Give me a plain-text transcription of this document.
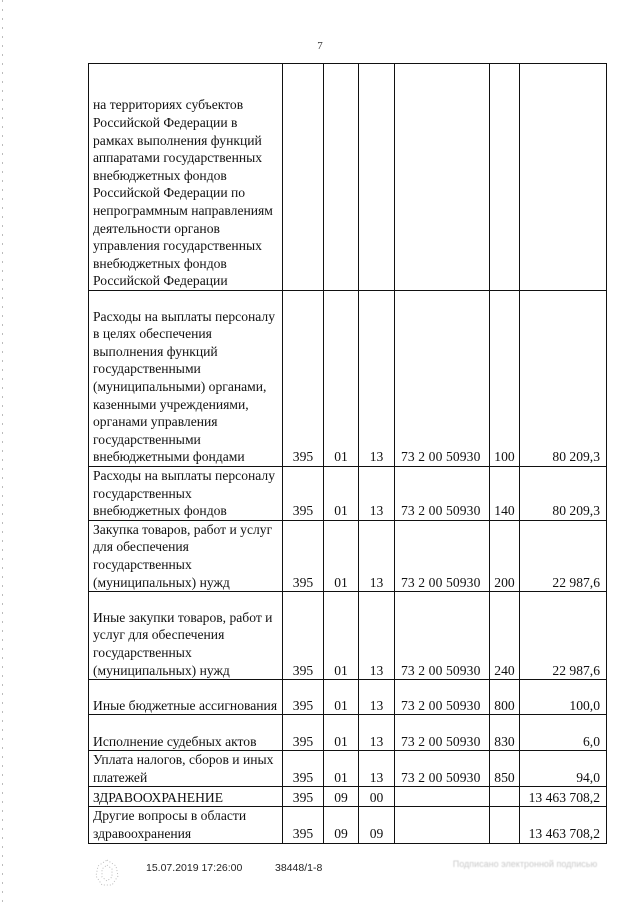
7
на территориях субъектов Российской Федерации в рамках выполнения функций аппаратами государственных внебюджетных фондов Российской Федерации по непрограммным направлениям деятельности органов управления государственных внебюджетных фондов Российской Федерации						
Расходы на выплаты персоналу в целях обеспечения выполнения функций государственными (муниципальными) органами, казенными учреждениями, органами управления государственными внебюджетными фондами	395	01	13	73 2 00 50930	100	80 209,3
Расходы на выплаты персоналу государственных внебюджетных фондов	395	01	13	73 2 00 50930	140	80 209,3
Закупка товаров, работ и услуг для обеспечения государственных (муниципальных) нужд	395	01	13	73 2 00 50930	200	22 987,6
Иные закупки товаров, работ и услуг для обеспечения государственных (муниципальных) нужд	395	01	13	73 2 00 50930	240	22 987,6
Иные бюджетные ассигнования	395	01	13	73 2 00 50930	800	100,0
Исполнение судебных актов	395	01	13	73 2 00 50930	830	6,0
Уплата налогов, сборов и иных платежей	395	01	13	73 2 00 50930	850	94,0
ЗДРАВООХРАНЕНИЕ	395	09	00			13 463 708,2
Другие вопросы в области здравоохранения	395	09	09			13 463 708,2
15.07.2019 17:26:00	38448/1-8	Подписано электронной подписью
